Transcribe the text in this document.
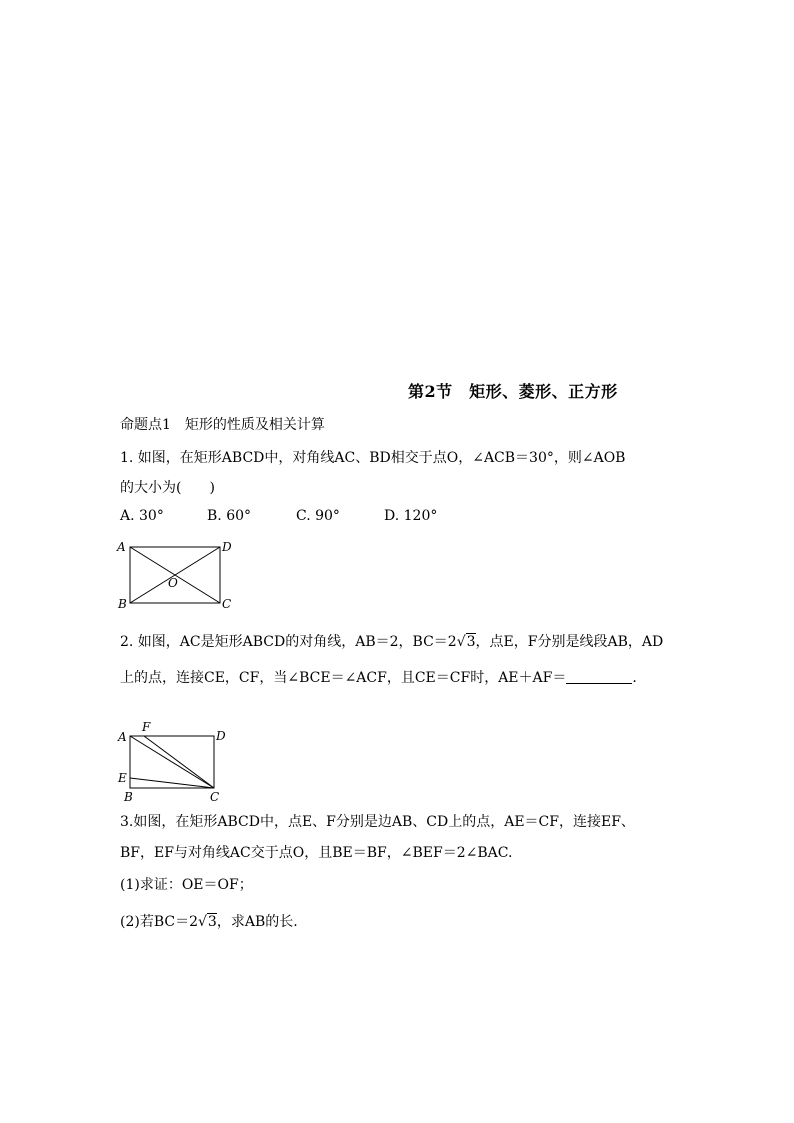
第2节　矩形、菱形、正方形
命题点1　矩形的性质及相关计算
1. 如图，在矩形ABCD中，对角线AC、BD相交于点O，∠ACB＝30°，则∠AOB
的大小为(　　)
A. 30°	B. 60°	C. 90°	D. 120°
A	D
B	C
O
2. 如图，AC是矩形ABCD的对角线，AB＝2，BC＝2√3，点E，F分别是线段AB，AD
上的点，连接CE，CF，当∠BCE＝∠ACF，且CE＝CF时，AE＋AF＝	.
A
F
D
E
B	C
3.如图，在矩形ABCD中，点E、F分别是边AB、CD上的点，AE＝CF，连接EF、
BF，EF与对角线AC交于点O，且BE＝BF，∠BEF＝2∠BAC.
(1)求证：OE＝OF；
(2)若BC＝2√3，求AB的长.
